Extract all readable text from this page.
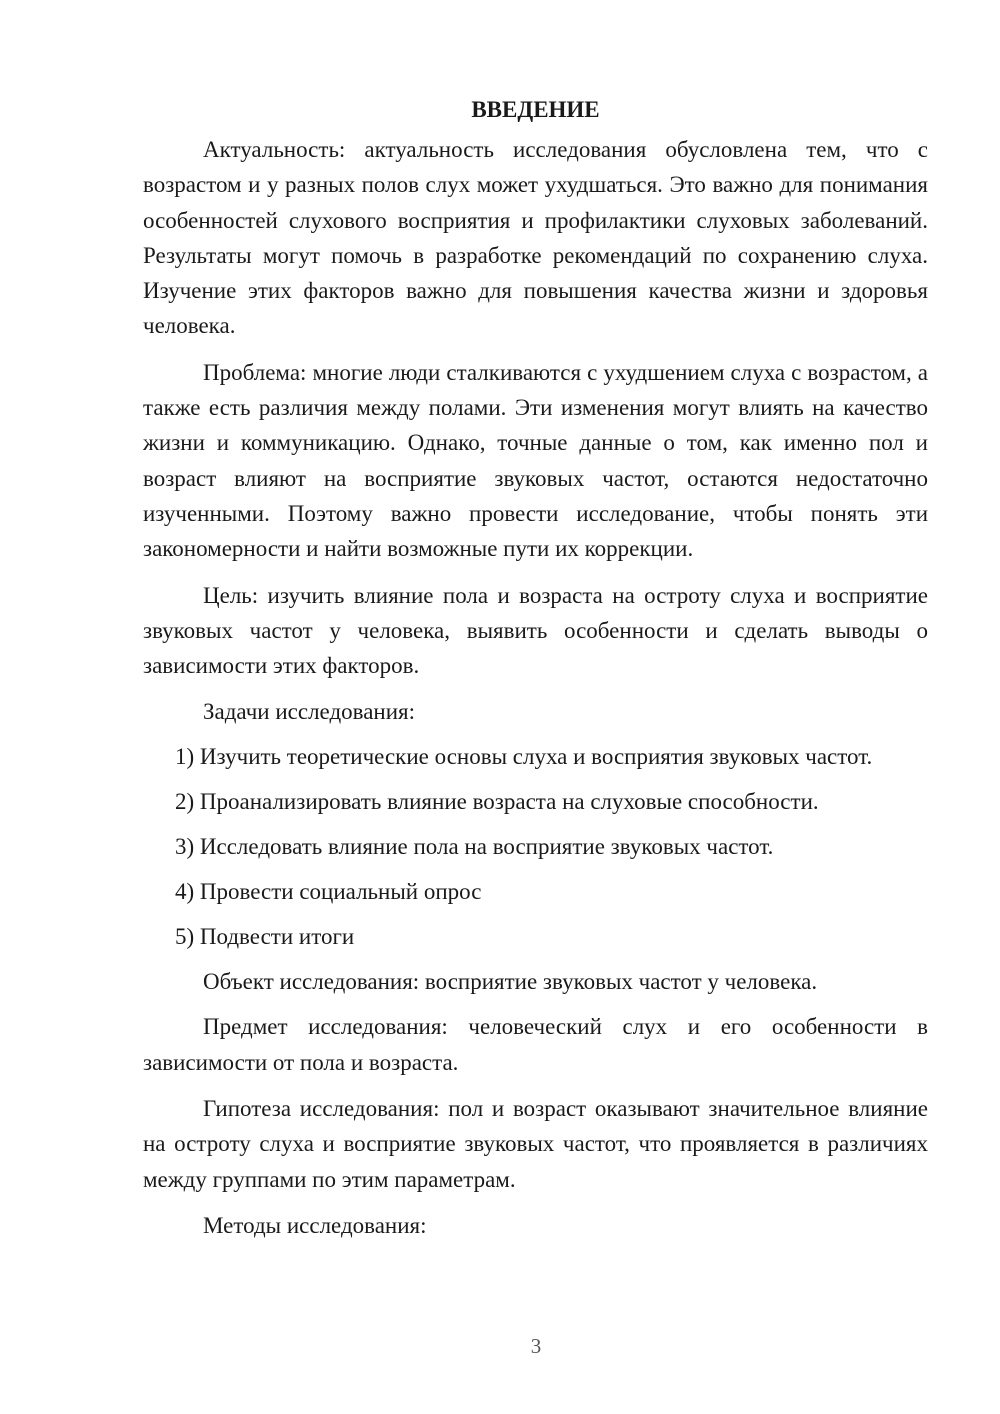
ВВЕДЕНИЕ

Актуальность: актуальность исследования обусловлена тем, что с возрастом и у разных полов слух может ухудшаться. Это важно для понимания особенностей слухового восприятия и профилактики слуховых заболеваний. Результаты могут помочь в разработке рекомендаций по сохранению слуха. Изучение этих факторов важно для повышения качества жизни и здоровья человека.

Проблема: многие люди сталкиваются с ухудшением слуха с возрастом, а также есть различия между полами. Эти изменения могут влиять на качество жизни и коммуникацию. Однако, точные данные о том, как именно пол и возраст влияют на восприятие звуковых частот, остаются недостаточно изученными. Поэтому важно провести исследование, чтобы понять эти закономерности и найти возможные пути их коррекции.

Цель: изучить влияние пола и возраста на остроту слуха и восприятие звуковых частот у человека, выявить особенности и сделать выводы о зависимости этих факторов.

Задачи исследования:

1) Изучить теоретические основы слуха и восприятия звуковых частот.

2) Проанализировать влияние возраста на слуховые способности.

3) Исследовать влияние пола на восприятие звуковых частот.

4) Провести социальный опрос

5) Подвести итоги

Объект исследования: восприятие звуковых частот у человека.

Предмет исследования: человеческий слух и его особенности в зависимости от пола и возраста.

Гипотеза исследования: пол и возраст оказывают значительное влияние на остроту слуха и восприятие звуковых частот, что проявляется в различиях между группами по этим параметрам.

Методы исследования:

3
